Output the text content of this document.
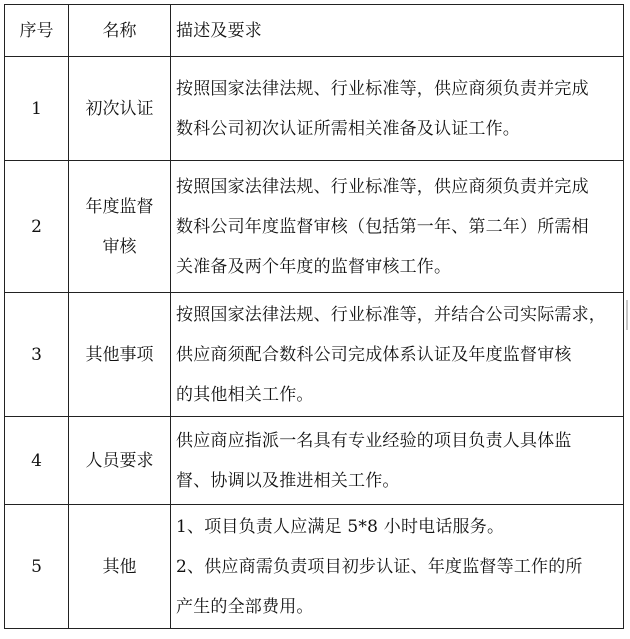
序号	名称	描述及要求
1	初次认证	按照国家法律法规、行业标准等，供应商须负责并完成
数科公司初次认证所需相关准备及认证工作。

2	年度监督
审核	按照国家法律法规、行业标准等，供应商须负责并完成
数科公司年度监督审核（包括第一年、第二年）所需相
关准备及两个年度的监督审核工作。

3	其他事项	按照国家法律法规、行业标准等，并结合公司实际需求，
供应商须配合数科公司完成体系认证及年度监督审核
的其他相关工作。

4	人员要求	供应商应指派一名具有专业经验的项目负责人具体监
督、协调以及推进相关工作。

5	其他	1、项目负责人应满足 5*8 小时电话服务。
2、供应商需负责项目初步认证、年度监督等工作的所
产生的全部费用。
